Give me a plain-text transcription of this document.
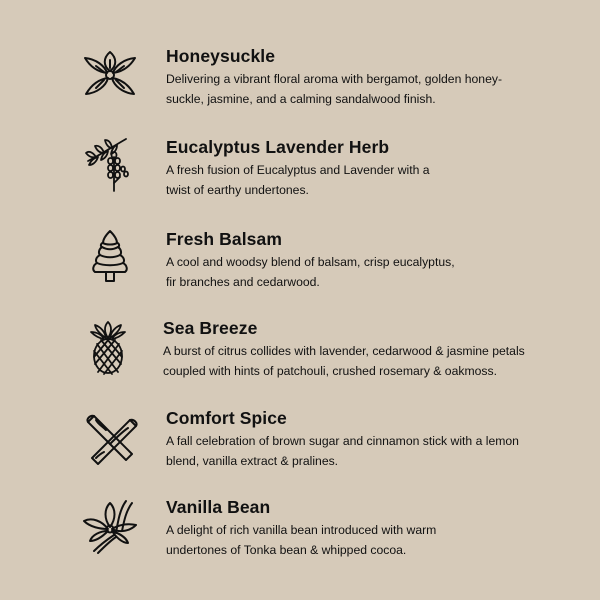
Honeysuckle
Delivering a vibrant floral aroma with bergamot, golden honey-
suckle, jasmine, and a calming sandalwood finish.
Eucalyptus Lavender Herb
A fresh fusion of Eucalyptus and Lavender with a
twist of earthy undertones.
Fresh Balsam
A cool and woodsy blend of balsam, crisp eucalyptus,
fir branches and cedarwood.
Sea Breeze
A burst of citrus collides with lavender, cedarwood & jasmine petals
coupled with hints of patchouli, crushed rosemary & oakmoss.
Comfort Spice
A fall celebration of brown sugar and cinnamon stick with a lemon
blend, vanilla extract & pralines.
Vanilla Bean
A delight of rich vanilla bean introduced with warm
undertones of Tonka bean & whipped cocoa.
